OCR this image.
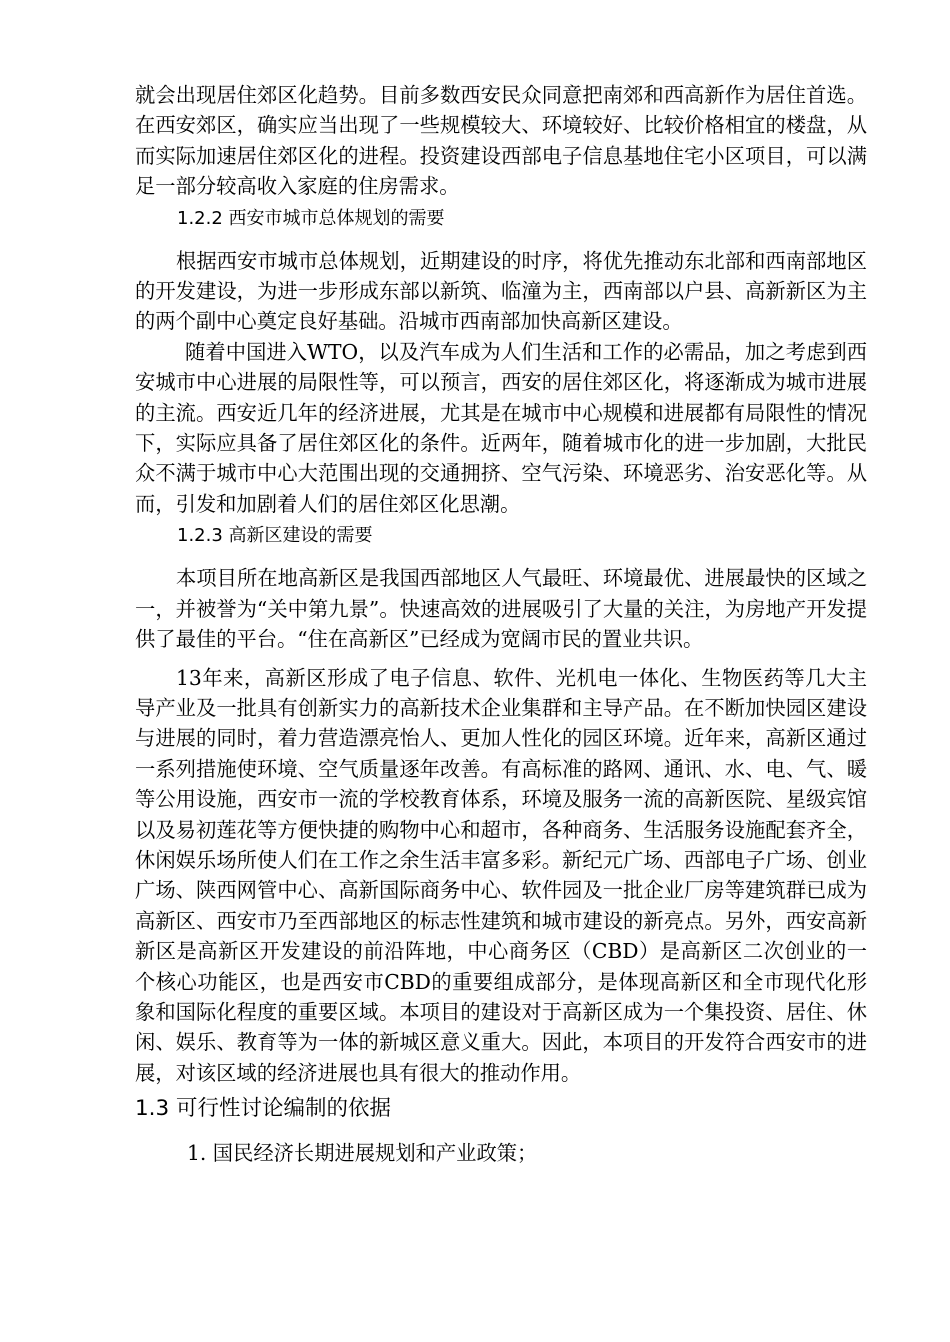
就会出现居住郊区化趋势。目前多数西安民众同意把南郊和西高新作为居住首选。在西安郊区，确实应当出现了一些规模较大、环境较好、比较价格相宜的楼盘，从而实际加速居住郊区化的进程。投资建设西部电子信息基地住宅小区项目，可以满足一部分较高收入家庭的住房需求。

1.2.2 西安市城市总体规划的需要

根据西安市城市总体规划，近期建设的时序，将优先推动东北部和西南部地区的开发建设，为进一步形成东部以新筑、临潼为主，西南部以户县、高新新区为主的两个副中心奠定良好基础。沿城市西南部加快高新区建设。

随着中国进入WTO，以及汽车成为人们生活和工作的必需品，加之考虑到西安城市中心进展的局限性等，可以预言，西安的居住郊区化，将逐渐成为城市进展的主流。西安近几年的经济进展，尤其是在城市中心规模和进展都有局限性的情况下，实际应具备了居住郊区化的条件。近两年，随着城市化的进一步加剧，大批民众不满于城市中心大范围出现的交通拥挤、空气污染、环境恶劣、治安恶化等。从而，引发和加剧着人们的居住郊区化思潮。

1.2.3 高新区建设的需要

本项目所在地高新区是我国西部地区人气最旺、环境最优、进展最快的区域之一，并被誉为“关中第九景”。快速高效的进展吸引了大量的关注，为房地产开发提供了最佳的平台。“住在高新区”已经成为宽阔市民的置业共识。

13年来，高新区形成了电子信息、软件、光机电一体化、生物医药等几大主导产业及一批具有创新实力的高新技术企业集群和主导产品。在不断加快园区建设与进展的同时，着力营造漂亮怡人、更加人性化的园区环境。近年来，高新区通过一系列措施使环境、空气质量逐年改善。有高标准的路网、通讯、水、电、气、暖等公用设施，西安市一流的学校教育体系，环境及服务一流的高新医院、星级宾馆以及易初莲花等方便快捷的购物中心和超市，各种商务、生活服务设施配套齐全，休闲娱乐场所使人们在工作之余生活丰富多彩。新纪元广场、西部电子广场、创业广场、陕西网管中心、高新国际商务中心、软件园及一批企业厂房等建筑群已成为高新区、西安市乃至西部地区的标志性建筑和城市建设的新亮点。另外，西安高新新区是高新区开发建设的前沿阵地，中心商务区（CBD）是高新区二次创业的一个核心功能区，也是西安市CBD的重要组成部分，是体现高新区和全市现代化形象和国际化程度的重要区域。本项目的建设对于高新区成为一个集投资、居住、休闲、娱乐、教育等为一体的新城区意义重大。因此，本项目的开发符合西安市的进展，对该区域的经济进展也具有很大的推动作用。

1.3 可行性讨论编制的依据

1. 国民经济长期进展规划和产业政策；
